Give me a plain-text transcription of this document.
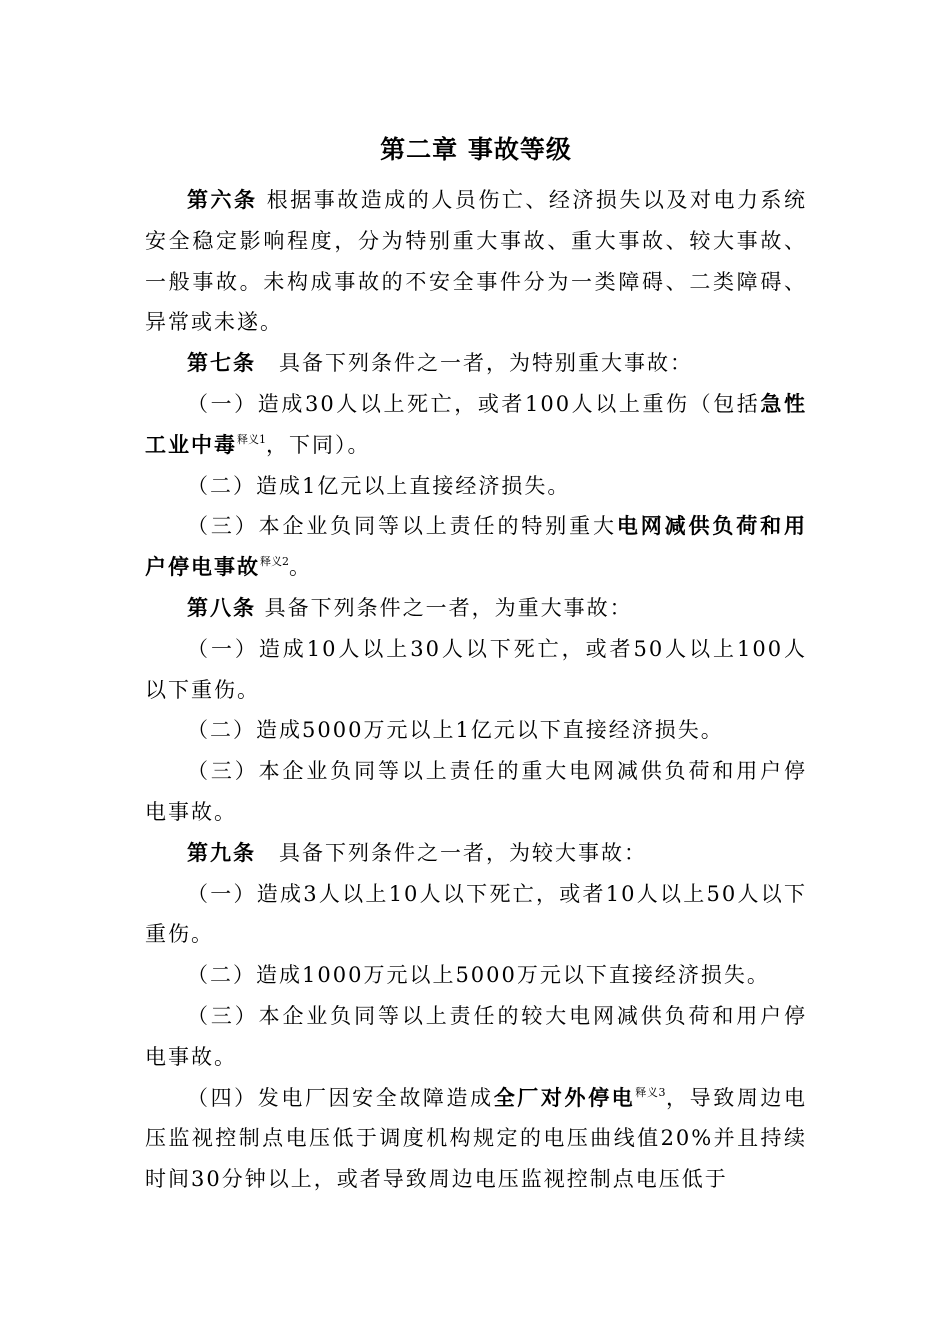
第二章 事故等级

第六条 根据事故造成的人员伤亡、经济损失以及对电力系统安全稳定影响程度，分为特别重大事故、重大事故、较大事故、一般事故。未构成事故的不安全事件分为一类障碍、二类障碍、异常或未遂。

第七条　具备下列条件之一者，为特别重大事故：

（一）造成30人以上死亡，或者100人以上重伤（包括急性工业中毒$^{释义1}$，下同）。

（二）造成1亿元以上直接经济损失。

（三）本企业负同等以上责任的特别重大电网减供负荷和用户停电事故$^{释义2}$。

第八条 具备下列条件之一者，为重大事故：

（一）造成10人以上30人以下死亡，或者50人以上100人以下重伤。

（二）造成5000万元以上1亿元以下直接经济损失。

（三）本企业负同等以上责任的重大电网减供负荷和用户停电事故。

第九条　具备下列条件之一者，为较大事故：

（一）造成3人以上10人以下死亡，或者10人以上50人以下重伤。

（二）造成1000万元以上5000万元以下直接经济损失。

（三）本企业负同等以上责任的较大电网减供负荷和用户停电事故。

（四）发电厂因安全故障造成全厂对外停电$^{释义3}$，导致周边电压监视控制点电压低于调度机构规定的电压曲线值20%并且持续时间30分钟以上，或者导致周边电压监视控制点电压低于
